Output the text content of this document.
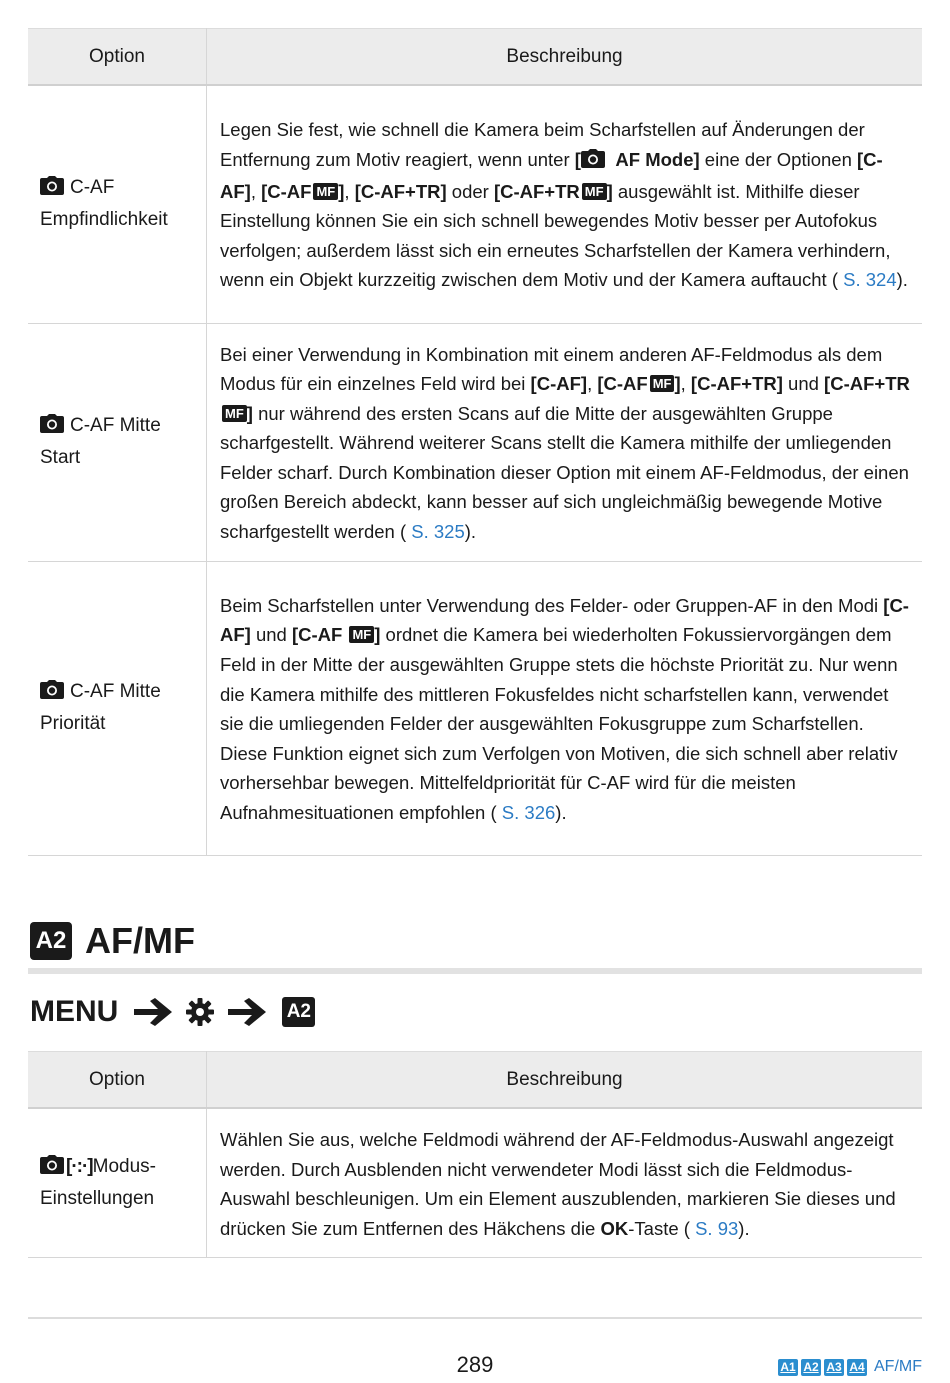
Option	Beschreibung
C-AF
Empfindlichkeit	Legen Sie fest, wie schnell die Kamera beim Scharfstellen auf Änderungen der Entfernung zum Motiv reagiert, wenn unter [ AF Mode] eine der Optionen [C-AF], [C-AF MF ], [C-AF+TR] oder [C-AF+TR MF ] ausgewählt ist. Mithilfe dieser Einstellung können Sie ein sich schnell bewegendes Motiv besser per Autofokus verfolgen; außerdem lässt sich ein erneutes Scharfstellen der Kamera verhindern, wenn ein Objekt kurzzeitig zwischen dem Motiv und der Kamera auftaucht ( S. 324).
C-AF Mitte
Start	Bei einer Verwendung in Kombination mit einem anderen AF-Feldmodus als dem Modus für ein einzelnes Feld wird bei [C-AF], [C-AF MF ], [C-AF+TR] und [C-AF+TRMF ] nur während des ersten Scans auf die Mitte der ausgewählten Gruppe scharfgestellt. Während weiterer Scans stellt die Kamera mithilfe der umliegenden Felder scharf. Durch Kombination dieser Option mit einem AF-Feldmodus, der einen großen Bereich abdeckt, kann besser auf sich ungleichmäßig bewegende Motive scharfgestellt werden ( S. 325).
C-AF Mitte
Priorität	Beim Scharfstellen unter Verwendung des Felder- oder Gruppen-AF in den Modi [C-AF] und [C-AF MF ] ordnet die Kamera bei wiederholten Fokussiervorgängen dem Feld in der Mitte der ausgewählten Gruppe stets die höchste Priorität zu. Nur wenn die Kamera mithilfe des mittleren Fokusfeldes nicht scharfstellen kann, verwendet sie die umliegenden Felder der ausgewählten Fokusgruppe zum Scharfstellen. Diese Funktion eignet sich zum Verfolgen von Motiven, die sich schnell aber relativ vorhersehbar bewegen. Mittelfeldpriorität für C-AF wird für die meisten Aufnahmesituationen empfohlen ( S. 326).
A2 AF/MF
MENU	A2
Option	Beschreibung
[·:·]Modus-
Einstellungen	Wählen Sie aus, welche Feldmodi während der AF-Feldmodus-Auswahl angezeigt werden. Durch Ausblenden nicht verwendeter Modi lässt sich die Feldmodus-Auswahl beschleunigen. Um ein Element auszublenden, markieren Sie dieses und drücken Sie zum Entfernen des Häkchens die OK-Taste ( S. 93).
289	A1 A2 A3 A4 AF/MF
